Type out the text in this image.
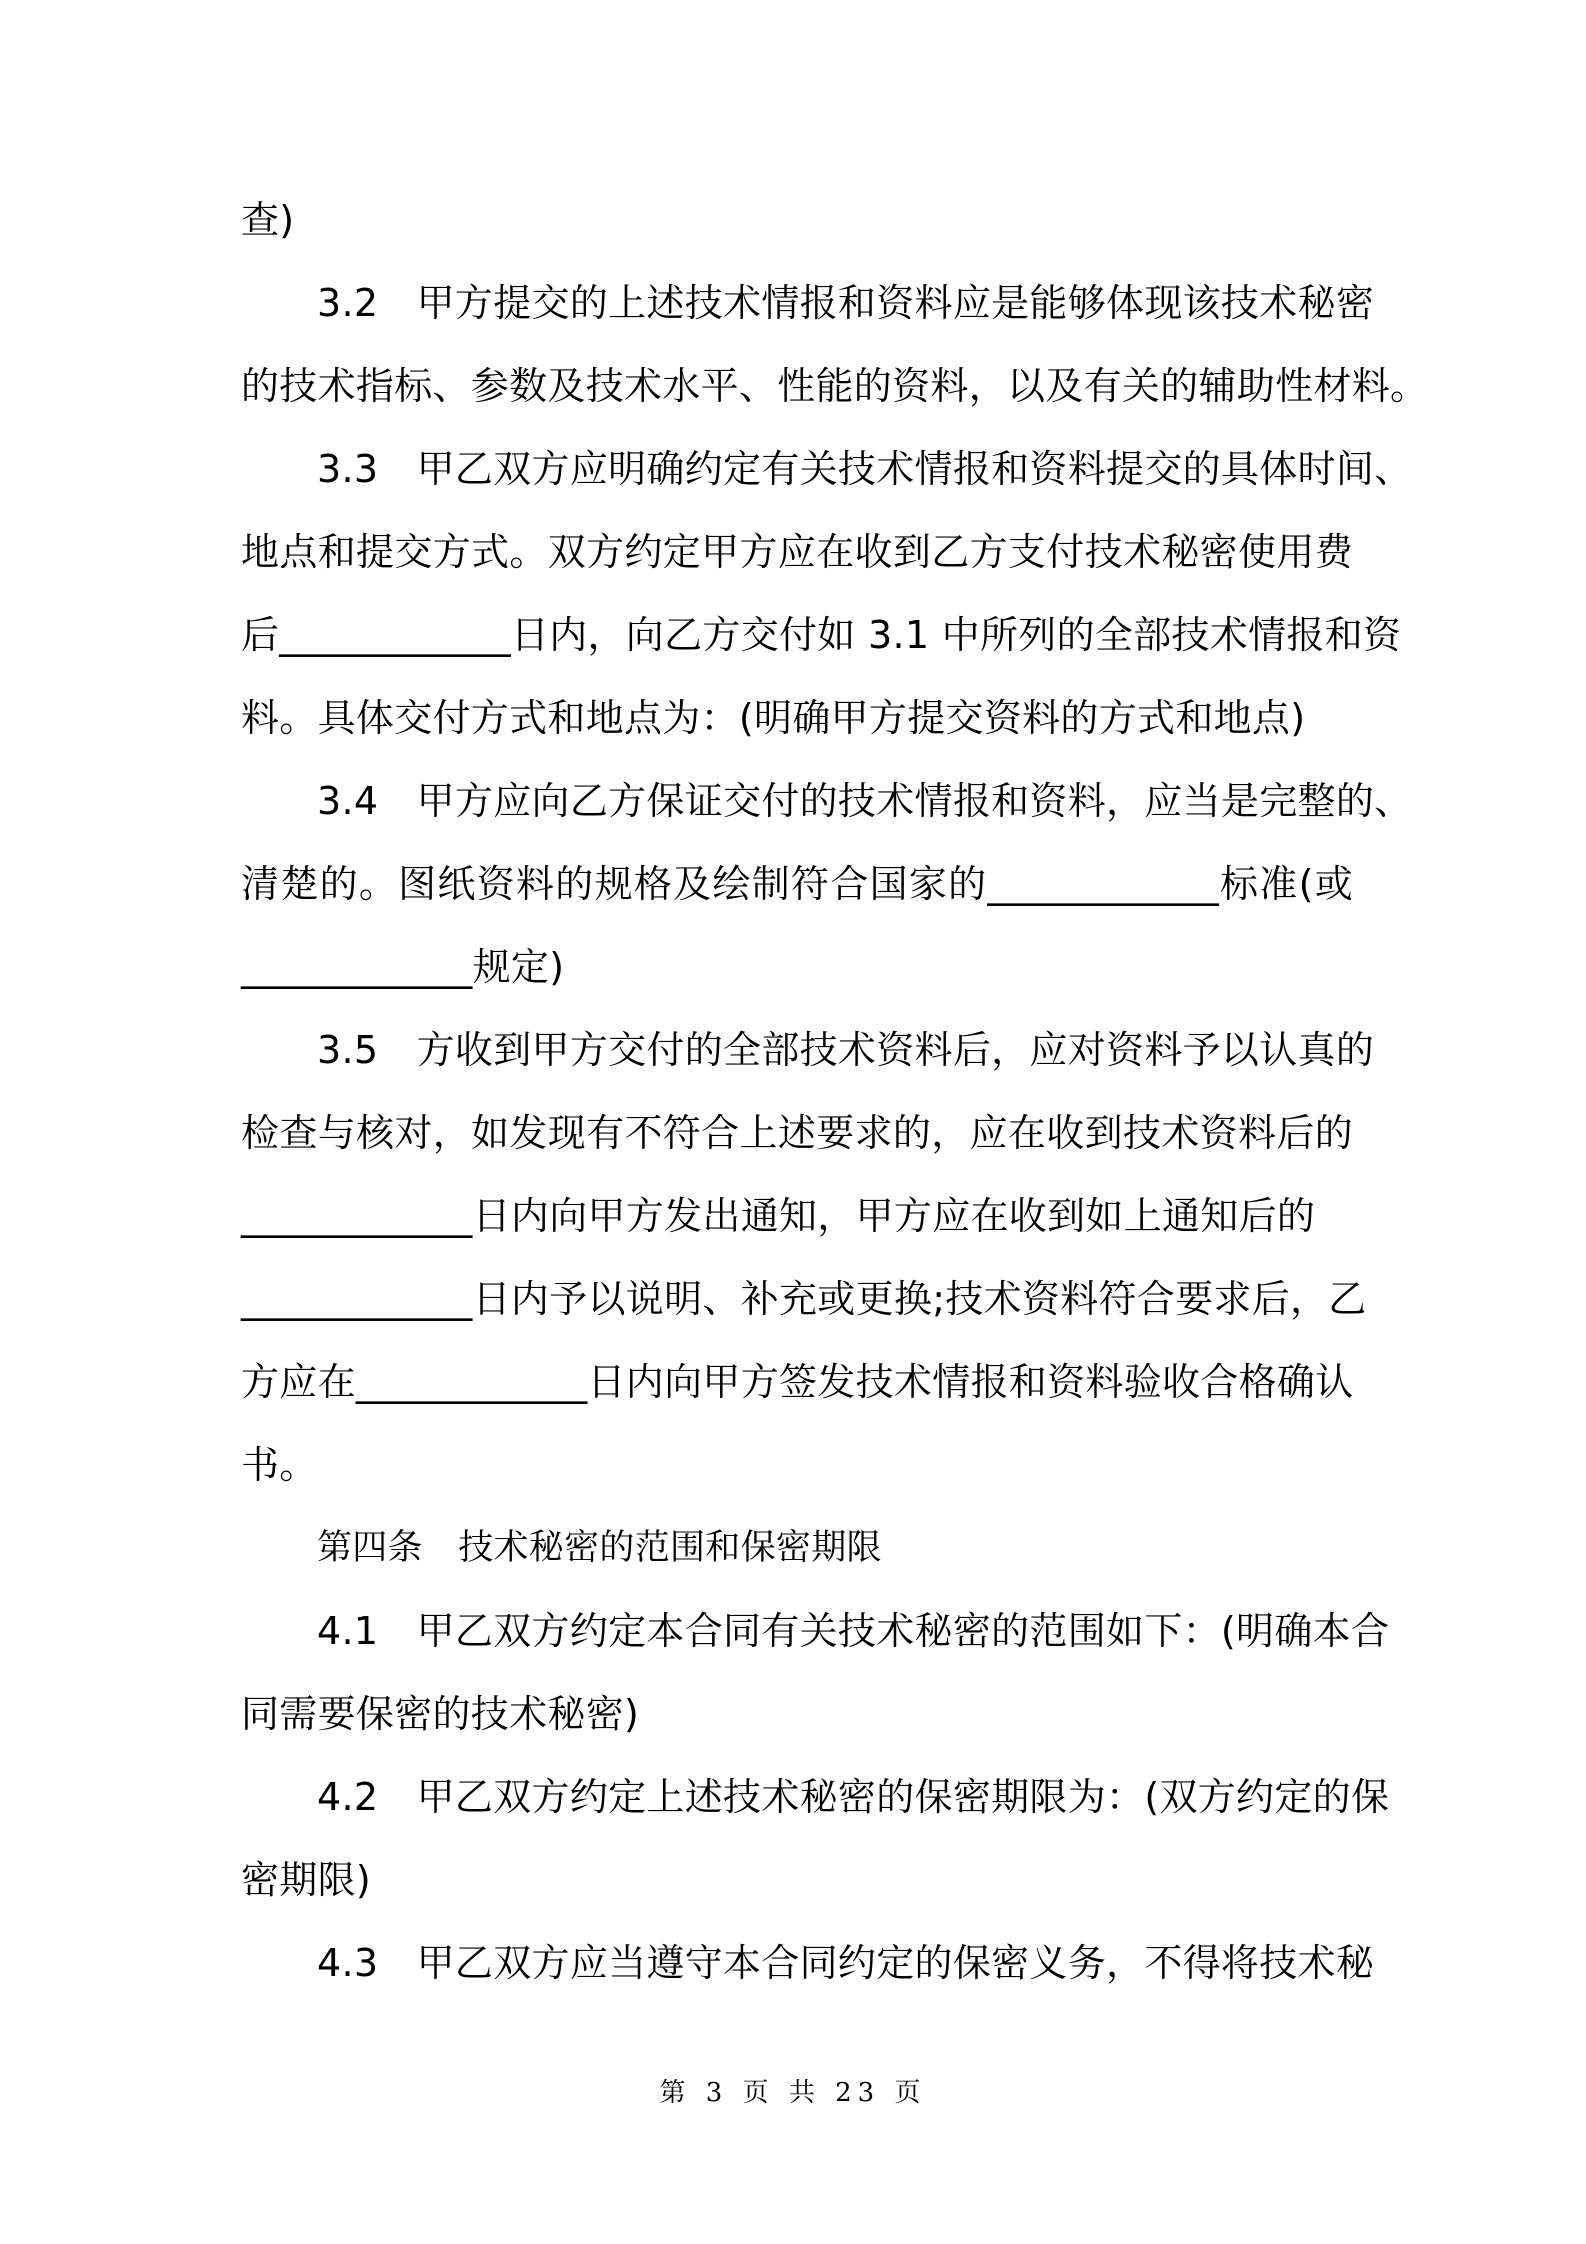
查)
3.2　甲方提交的上述技术情报和资料应是能够体现该技术秘密
的技术指标、参数及技术水平、性能的资料，以及有关的辅助性材料。
3.3　甲乙双方应明确约定有关技术情报和资料提交的具体时间、
地点和提交方式。双方约定甲方应在收到乙方支付技术秘密使用费
后____________日内，向乙方交付如 3.1 中所列的全部技术情报和资
料。具体交付方式和地点为：(明确甲方提交资料的方式和地点)
3.4　甲方应向乙方保证交付的技术情报和资料，应当是完整的、
清楚的。图纸资料的规格及绘制符合国家的____________标准(或
____________规定)
3.5　方收到甲方交付的全部技术资料后，应对资料予以认真的
检查与核对，如发现有不符合上述要求的，应在收到技术资料后的
____________日内向甲方发出通知，甲方应在收到如上通知后的
____________日内予以说明、补充或更换;技术资料符合要求后，乙
方应在____________日内向甲方签发技术情报和资料验收合格确认
书。
第四条　技术秘密的范围和保密期限
4.1　甲乙双方约定本合同有关技术秘密的范围如下：(明确本合
同需要保密的技术秘密)
4.2　甲乙双方约定上述技术秘密的保密期限为：(双方约定的保
密期限)
4.3　甲乙双方应当遵守本合同约定的保密义务，不得将技术秘
第 3 页 共 23 页
